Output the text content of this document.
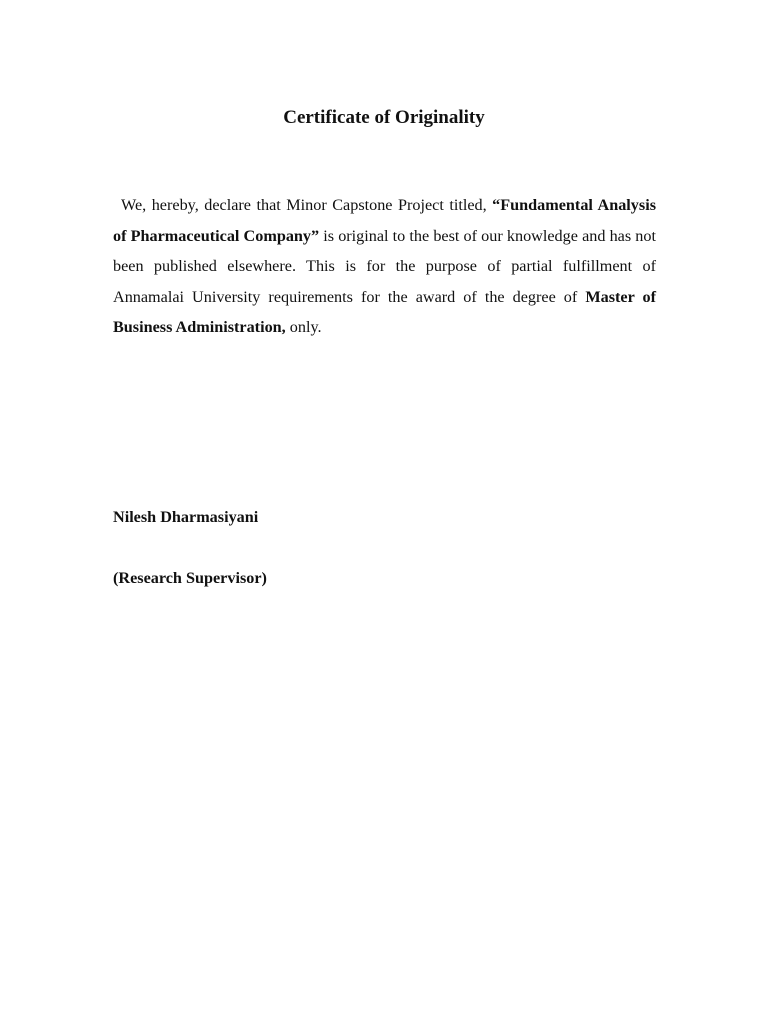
Certificate of Originality

We, hereby, declare that Minor Capstone Project titled, “Fundamental Analysis of Pharmaceutical Company” is original to the best of our knowledge and has not been published elsewhere. This is for the purpose of partial fulfillment of Annamalai University requirements for the award of the degree of Master of Business Administration, only.

Nilesh Dharmasiyani

(Research Supervisor)
